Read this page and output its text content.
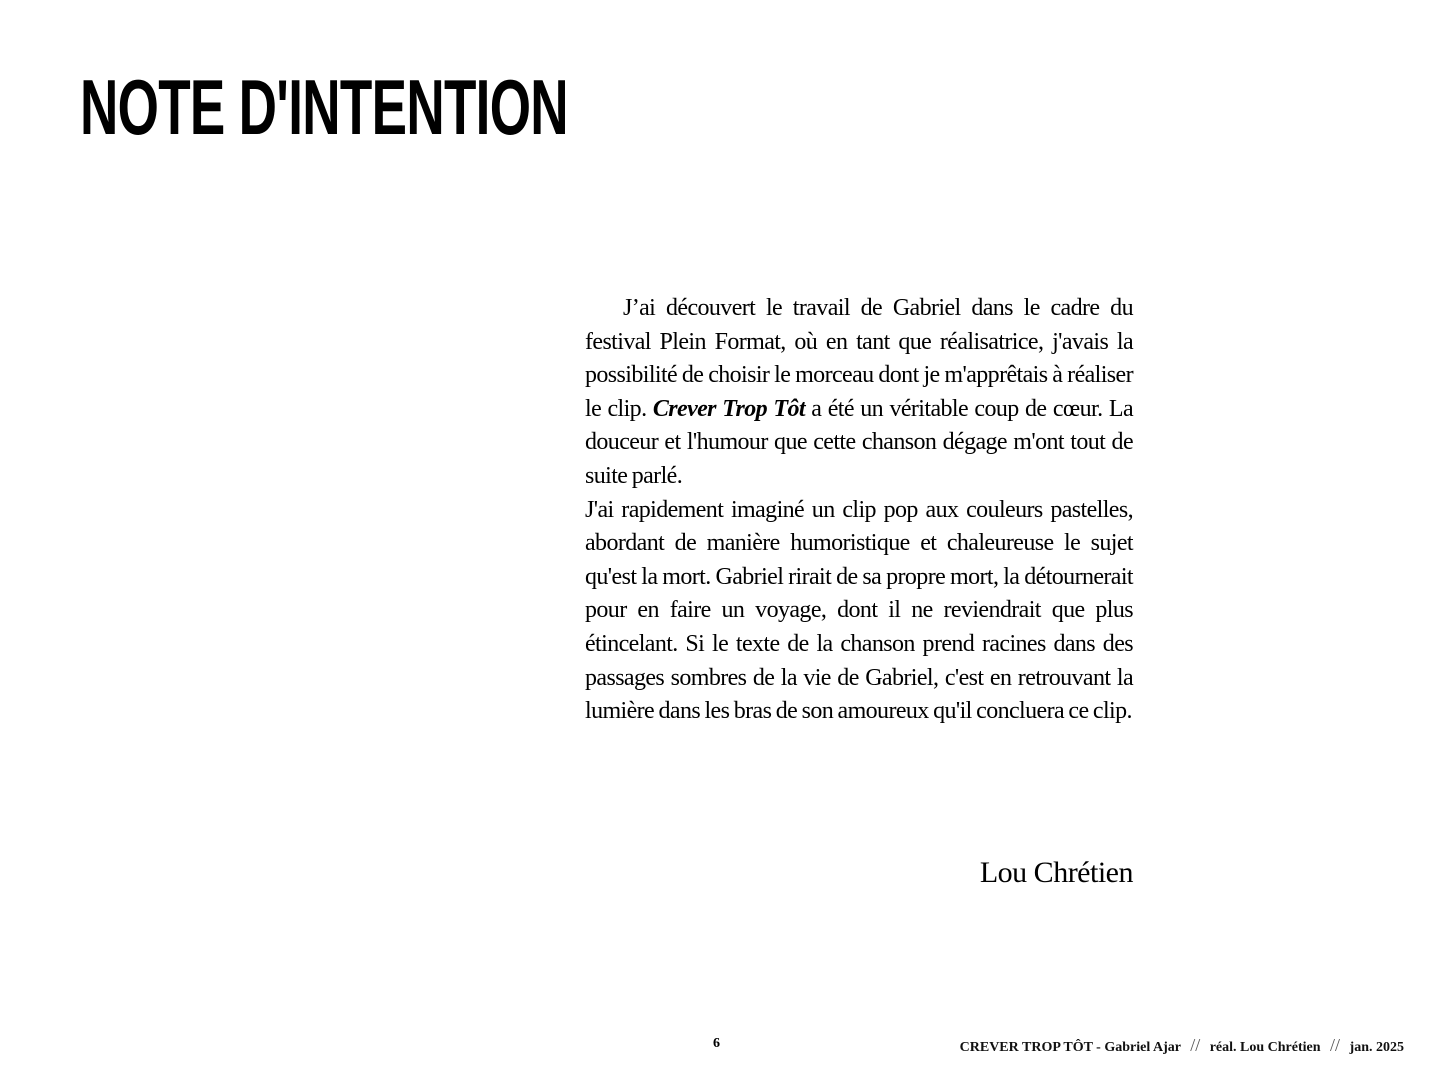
NOTE D'INTENTION

J’ai découvert le travail de Gabriel dans le cadre du festival Plein Format, où en tant que réalisatrice, j'avais la possibilité de choisir le morceau dont je m'apprêtais à réaliser le clip. Crever Trop Tôt a été un véritable coup de cœur. La douceur et l'humour que cette chanson dégage m'ont tout de suite parlé.
J'ai rapidement imaginé un clip pop aux couleurs pastelles, abordant de manière humoristique et chaleureuse le sujet qu'est la mort. Gabriel rirait de sa propre mort, la détournerait pour en faire un voyage, dont il ne reviendrait que plus étincelant. Si le texte de la chanson prend racines dans des passages sombres de la vie de Gabriel, c'est en retrouvant la lumière dans les bras de son amoureux qu'il concluera ce clip.

Lou Chrétien

6	CREVER TROP TÔT - Gabriel Ajar // réal. Lou Chrétien // jan. 2025
